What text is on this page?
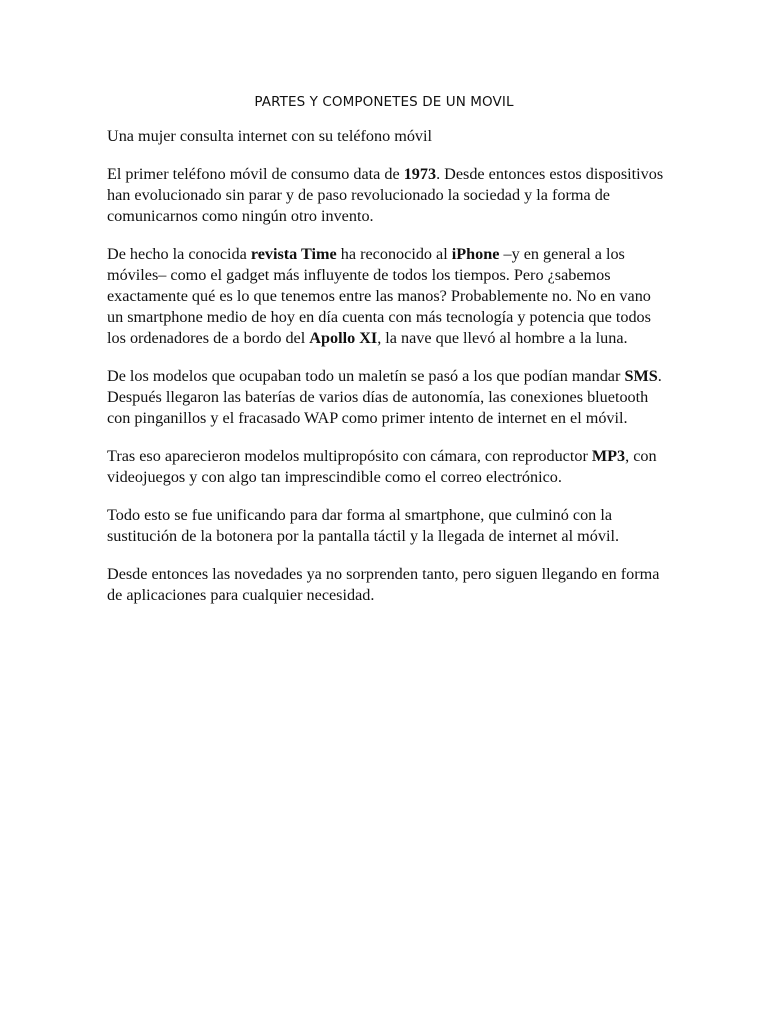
PARTES Y COMPONETES DE UN MOVIL

Una mujer consulta internet con su teléfono móvil

El primer teléfono móvil de consumo data de 1973. Desde entonces estos dispositivos han evolucionado sin parar y de paso revolucionado la sociedad y la forma de comunicarnos como ningún otro invento.

De hecho la conocida revista Time ha reconocido al iPhone –y en general a los móviles– como el gadget más influyente de todos los tiempos. Pero ¿sabemos exactamente qué es lo que tenemos entre las manos? Probablemente no. No en vano un smartphone medio de hoy en día cuenta con más tecnología y potencia que todos los ordenadores de a bordo del Apollo XI, la nave que llevó al hombre a la luna.

De los modelos que ocupaban todo un maletín se pasó a los que podían mandar SMS. Después llegaron las baterías de varios días de autonomía, las conexiones bluetooth con pinganillos y el fracasado WAP como primer intento de internet en el móvil.

Tras eso aparecieron modelos multipropósito con cámara, con reproductor MP3, con videojuegos y con algo tan imprescindible como el correo electrónico.

Todo esto se fue unificando para dar forma al smartphone, que culminó con la sustitución de la botonera por la pantalla táctil y la llegada de internet al móvil.

Desde entonces las novedades ya no sorprenden tanto, pero siguen llegando en forma de aplicaciones para cualquier necesidad.
